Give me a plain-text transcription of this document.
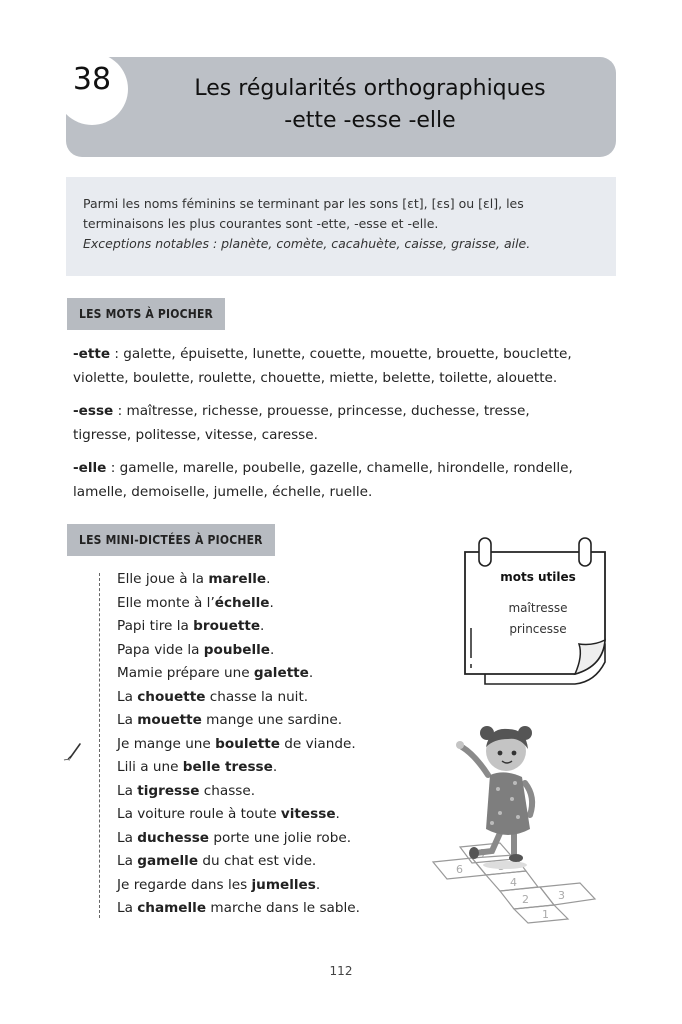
38	Les régularités orthographiques
-ette -esse -elle

Parmi les noms féminins se terminant par les sons [ɛt], [ɛs] ou [ɛl], les

terminaisons les plus courantes sont -ette, -esse et -elle.

Exceptions notables : planète, comète, cacahuète, caisse, graisse, aile.

LES MOTS À PIOCHER
-ette : galette, épuisette, lunette, couette, mouette, brouette, bouclette,
violette, boulette, roulette, chouette, miette, belette, toilette, alouette.
-esse : maîtresse, richesse, prouesse, princesse, duchesse, tresse,
tigresse, politesse, vitesse, caresse.
-elle : gamelle, marelle, poubelle, gazelle, chamelle, hirondelle, rondelle,
lamelle, demoiselle, jumelle, échelle, ruelle.
LES MINI-DICTÉES À PIOCHER
Elle joue à la marelle.
Elle monte à l’échelle.
Papi tire la brouette.
Papa vide la poubelle.
Mamie prépare une galette.
La chouette chasse la nuit.
La mouette mange une sardine.
Je mange une boulette de viande.
Lili a une belle tresse.
La tigresse chasse.
La voiture roule à toute vitesse.
La duchesse porte une jolie robe.
La gamelle du chat est vide.
Je regarde dans les jumelles.
La chamelle marche dans le sable.
mots utiles
maîtresse
princesse
7
6
4
3
2
1
112
